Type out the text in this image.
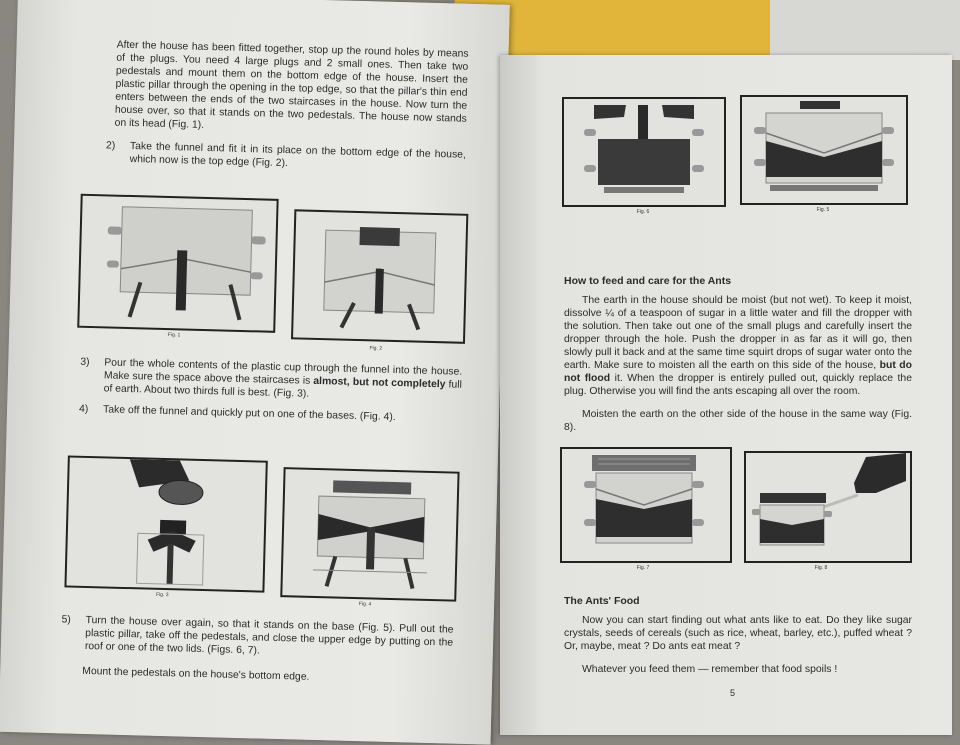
After the house has been fitted together, stop up the round holes by means of the plugs. You need 4 large plugs and 2 small ones. Then take two pedestals and mount them on the bottom edge of the house. Insert the plastic pillar through the opening in the top edge, so that the pillar's thin end enters between the ends of the two staircases in the house. Now turn the house over, so that it stands on the two pedestals. The house now stands on its head (Fig. 1).

2)	Take the funnel and fit it in its place on the bottom edge of the house, which now is the top edge (Fig. 2).
Fig. 1
Fig. 2
3)	Pour the whole contents of the plastic cup through the funnel into the house. Make sure the space above the staircases is almost, but not completely full of earth. About two thirds full is best. (Fig. 3).
4)	Take off the funnel and quickly put on one of the bases. (Fig. 4).
Fig. 3
Fig. 4
5)	Turn the house over again, so that it stands on the base (Fig. 5). Pull out the plastic pillar, take off the pedestals, and close the upper edge by putting on the roof or one of the two lids. (Figs. 6, 7).

Mount the pedestals on the house's bottom edge.

Fig. 6	Fig. 5
How to feed and care for the Ants

The earth in the house should be moist (but not wet). To keep it moist, dissolve ¼ of a teaspoon of sugar in a little water and fill the dropper with the solution. Then take out one of the small plugs and carefully insert the dropper through the hole. Push the dropper in as far as it will go, then slowly pull it back and at the same time squirt drops of sugar water onto the earth. Make sure to moisten all the earth on this side of the house, but do not flood it. When the dropper is entirely pulled out, quickly replace the plug. Otherwise you will find the ants escaping all over the room.

Moisten the earth on the other side of the house in the same way (Fig. 8).

Fig. 7	Fig. 8
The Ants' Food

Now you can start finding out what ants like to eat. Do they like sugar crystals, seeds of cereals (such as rice, wheat, barley, etc.), puffed wheat ? Or, maybe, meat ? Do ants eat meat ?

Whatever you feed them — remember that food spoils !

5
